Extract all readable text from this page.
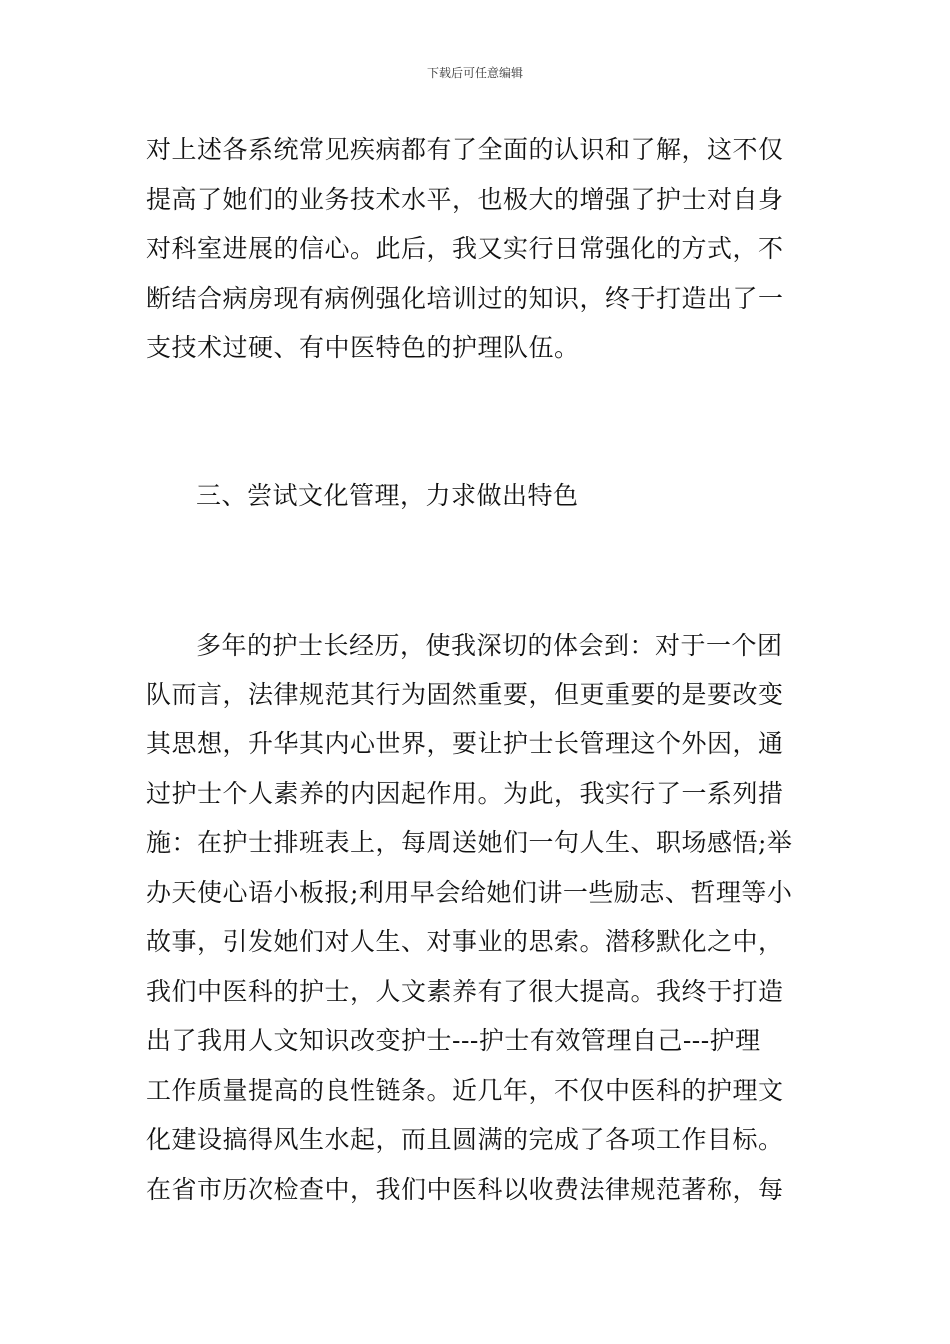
下载后可任意编辑
对上述各系统常见疾病都有了全面的认识和了解，这不仅
提高了她们的业务技术水平，也极大的增强了护士对自身
对科室进展的信心。此后，我又实行日常强化的方式，不
断结合病房现有病例强化培训过的知识，终于打造出了一
支技术过硬、有中医特色的护理队伍。
三、尝试文化管理，力求做出特色
多年的护士长经历，使我深切的体会到：对于一个团
队而言，法律规范其行为固然重要，但更重要的是要改变
其思想，升华其内心世界，要让护士长管理这个外因，通
过护士个人素养的内因起作用。为此，我实行了一系列措
施：在护士排班表上，每周送她们一句人生、职场感悟;举
办天使心语小板报;利用早会给她们讲一些励志、哲理等小
故事，引发她们对人生、对事业的思索。潜移默化之中，
我们中医科的护士，人文素养有了很大提高。我终于打造
出了我用人文知识改变护士---护士有效管理自己---护理
工作质量提高的良性链条。近几年，不仅中医科的护理文
化建设搞得风生水起，而且圆满的完成了各项工作目标。
在省市历次检查中，我们中医科以收费法律规范著称，每
